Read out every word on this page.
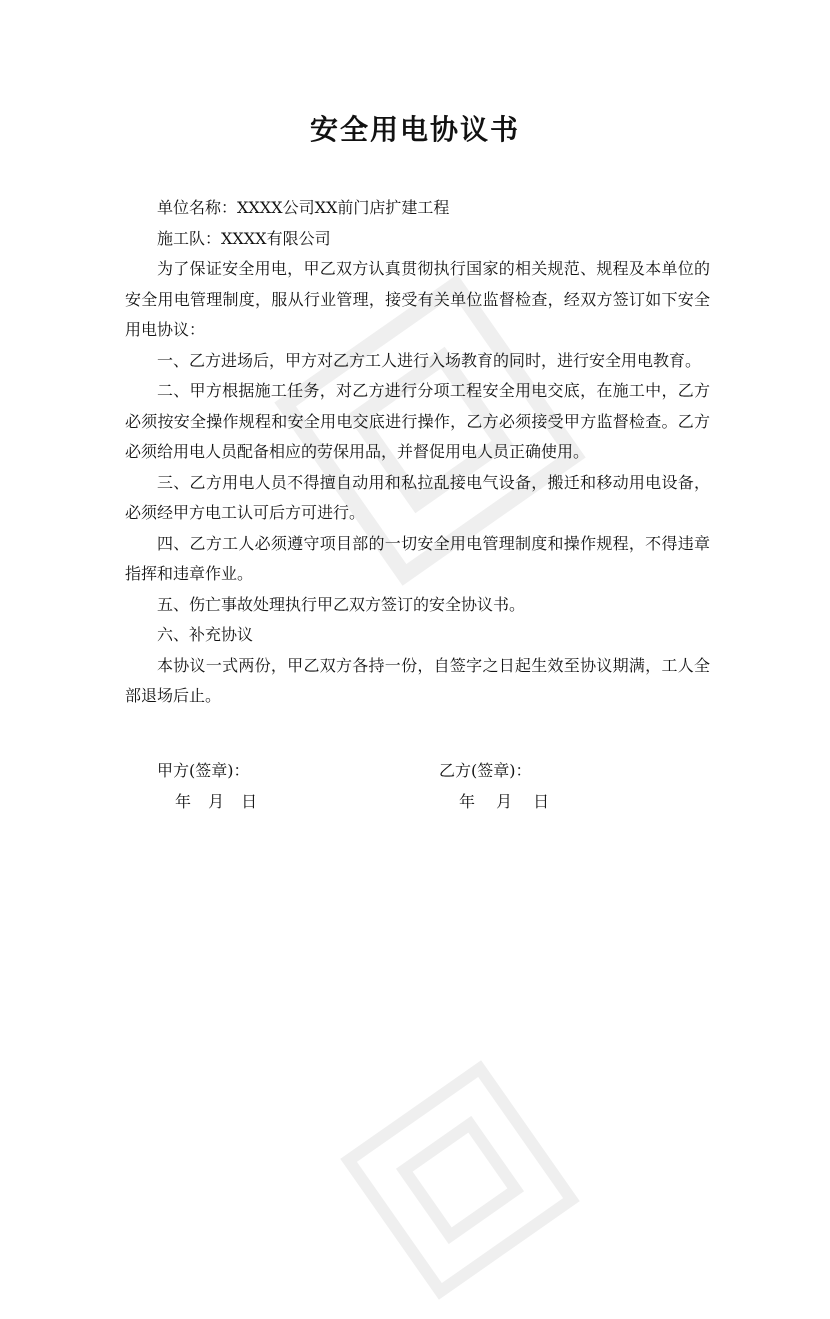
安全用电协议书

单位名称：XXXX公司XX前门店扩建工程

施工队：XXXX有限公司

为了保证安全用电，甲乙双方认真贯彻执行国家的相关规范、规程及本单位的安全用电管理制度，服从行业管理，接受有关单位监督检查，经双方签订如下安全用电协议：

一、乙方进场后，甲方对乙方工人进行入场教育的同时，进行安全用电教育。

二、甲方根据施工任务，对乙方进行分项工程安全用电交底，在施工中，乙方必须按安全操作规程和安全用电交底进行操作，乙方必须接受甲方监督检查。乙方必须给用电人员配备相应的劳保用品，并督促用电人员正确使用。

三、乙方用电人员不得擅自动用和私拉乱接电气设备，搬迁和移动用电设备，必须经甲方电工认可后方可进行。

四、乙方工人必须遵守项目部的一切安全用电管理制度和操作规程，不得违章指挥和违章作业。

五、伤亡事故处理执行甲乙双方签订的安全协议书。

六、补充协议

本协议一式两份，甲乙双方各持一份，自签字之日起生效至协议期满，工人全部退场后止。

甲方(签章)：	乙方(签章)：
年 月 日	年 月 日
